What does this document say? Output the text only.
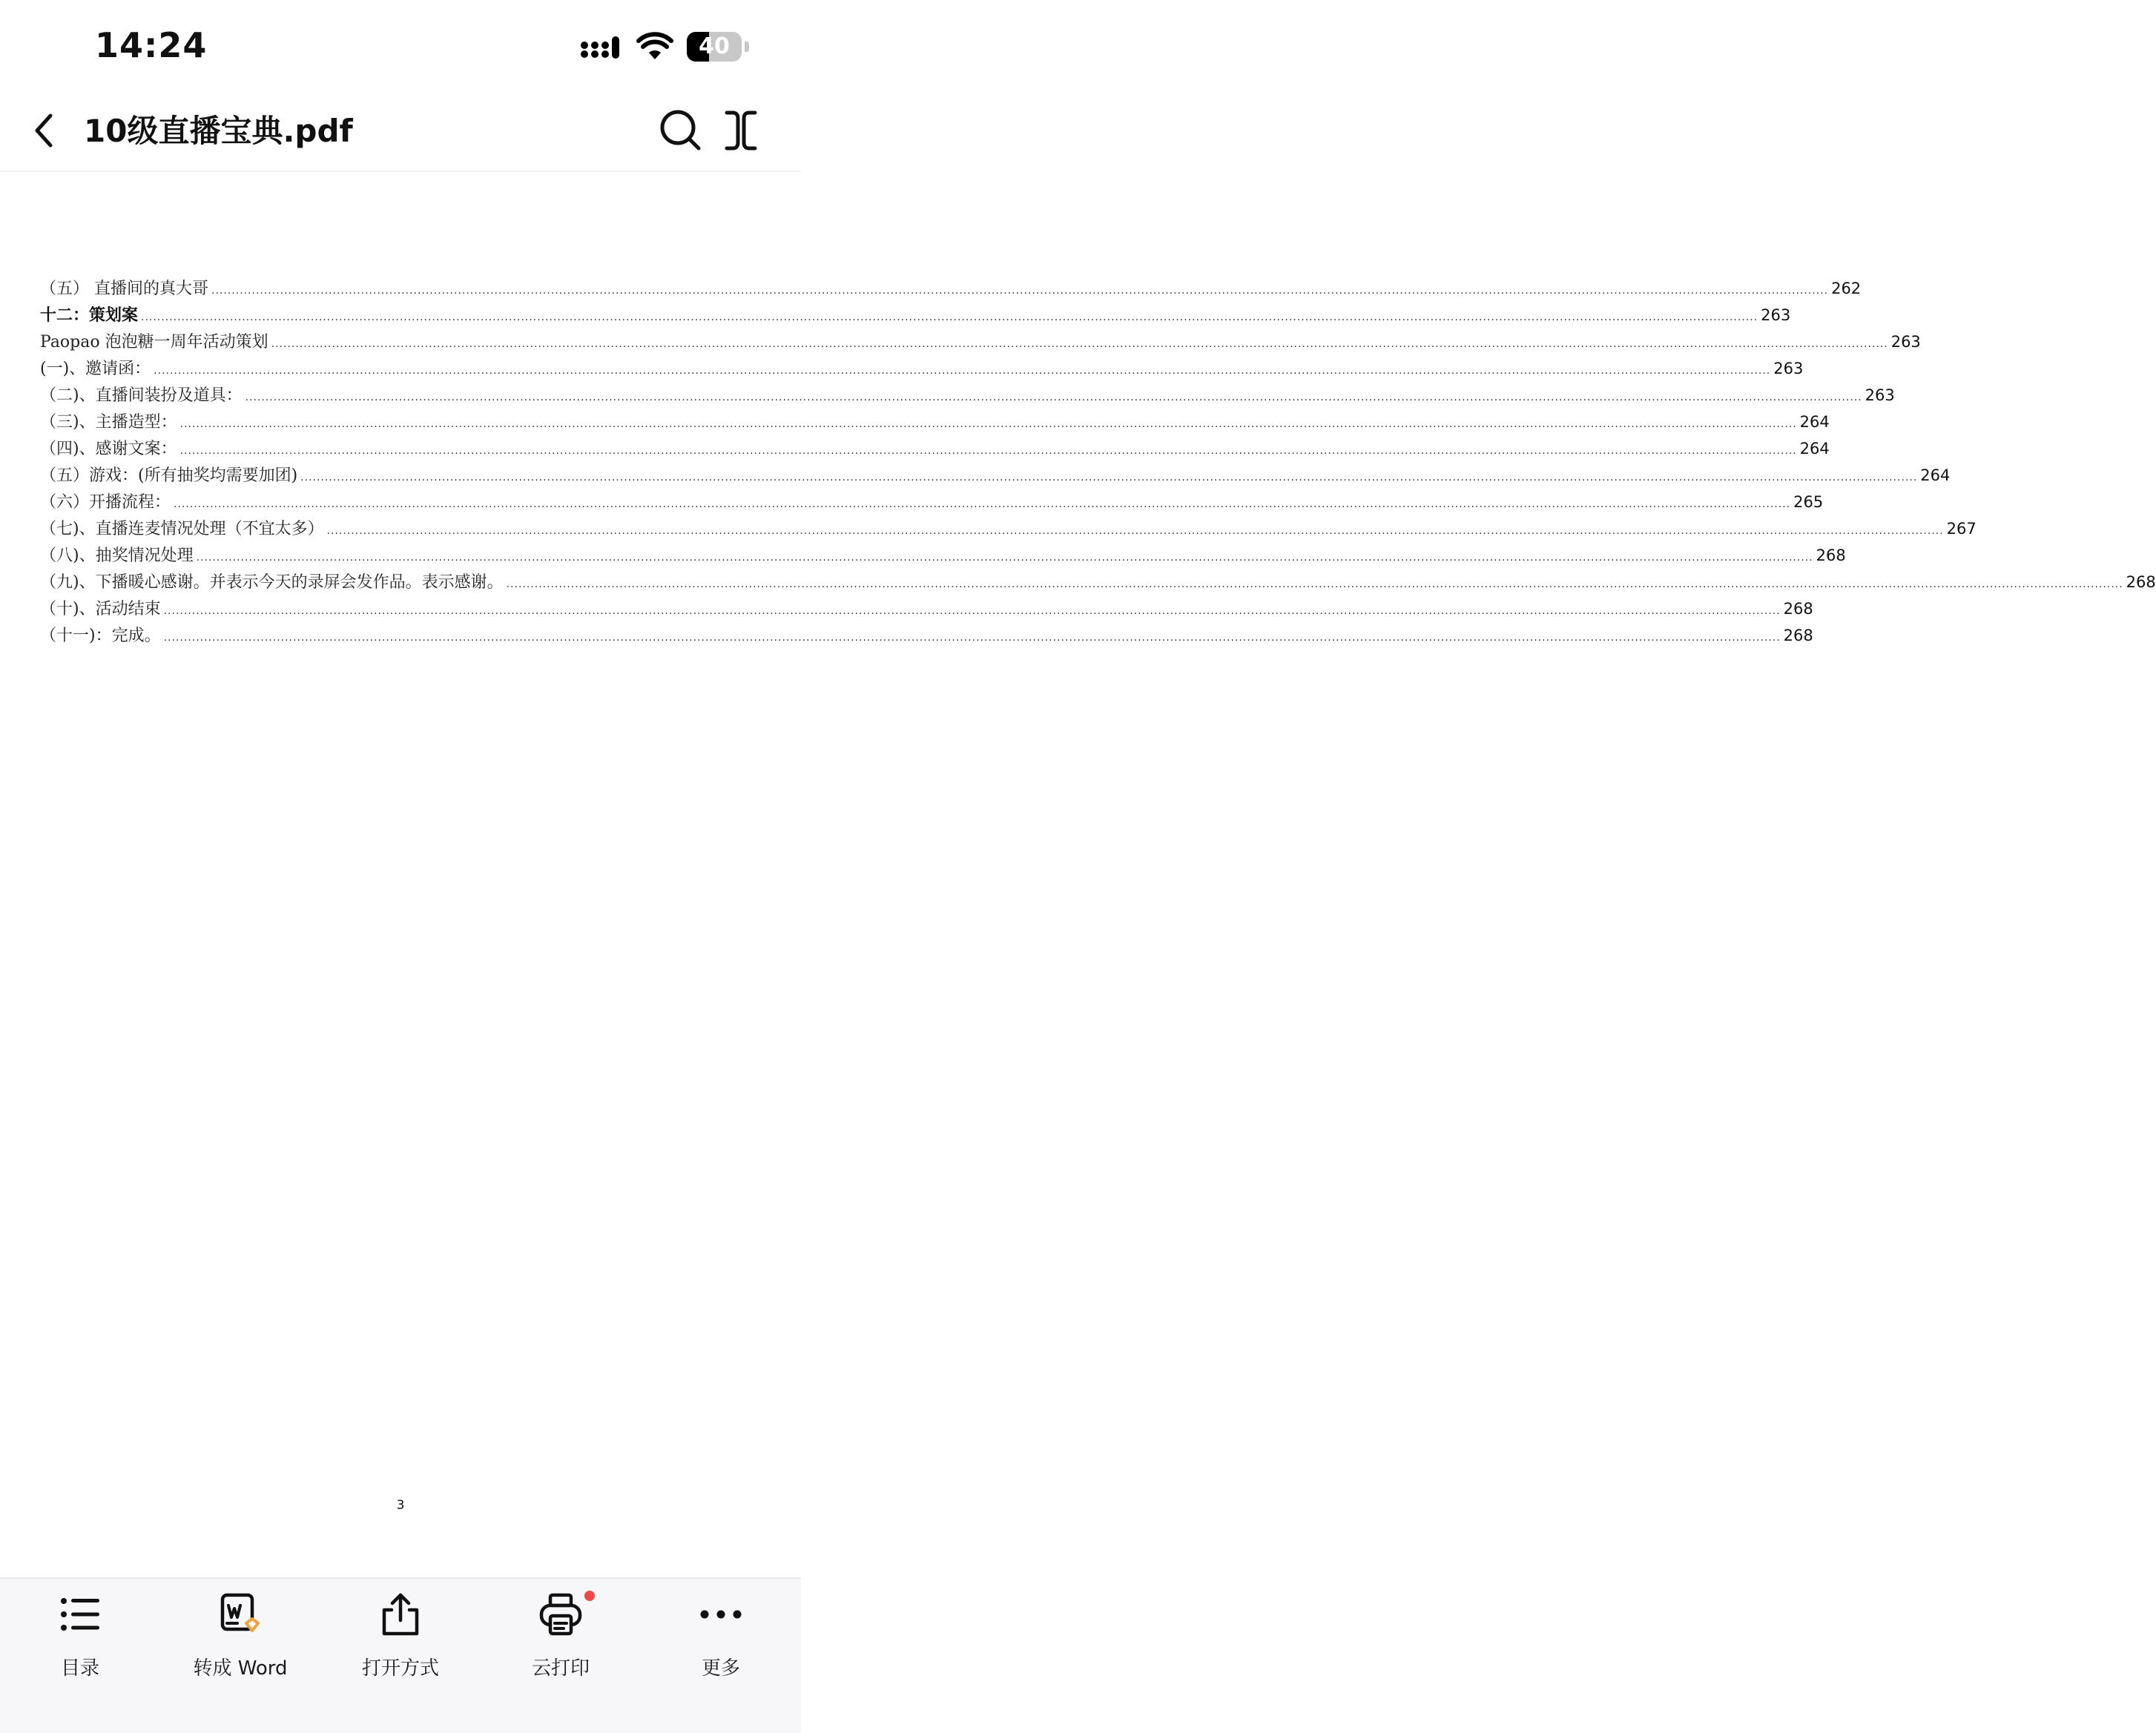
14:24	40
10级直播宝典.pdf
（五） 直播间的真大哥 ................................................................................................................................................................................................................................................................................................................................................................................................................ 262
十二：策划案 ................................................................................................................................................................................................................................................................................................................................................................................................................ 263
Paopao 泡泡糖一周年活动策划 ................................................................................................................................................................................................................................................................................................................................................................................................................ 263
(一)、邀请函： ................................................................................................................................................................................................................................................................................................................................................................................................................ 263
（二)、直播间装扮及道具： ................................................................................................................................................................................................................................................................................................................................................................................................................ 263
（三)、主播造型： ................................................................................................................................................................................................................................................................................................................................................................................................................ 264
（四)、感谢文案： ................................................................................................................................................................................................................................................................................................................................................................................................................ 264
（五）游戏：(所有抽奖均需要加团) ................................................................................................................................................................................................................................................................................................................................................................................................................ 264
（六）开播流程： ................................................................................................................................................................................................................................................................................................................................................................................................................ 265
（七)、直播连麦情况处理（不宜太多） ................................................................................................................................................................................................................................................................................................................................................................................................................ 267
（八)、抽奖情况处理 ................................................................................................................................................................................................................................................................................................................................................................................................................ 268
（九)、下播暖心感谢。并表示今天的录屏会发作品。表示感谢。 ................................................................................................................................................................................................................................................................................................................................................................................................................ 268
（十)、活动结束 ................................................................................................................................................................................................................................................................................................................................................................................................................ 268
（十一)：完成。 ................................................................................................................................................................................................................................................................................................................................................................................................................ 268
3
目录	转成 Word	打开方式	云打印	更多
